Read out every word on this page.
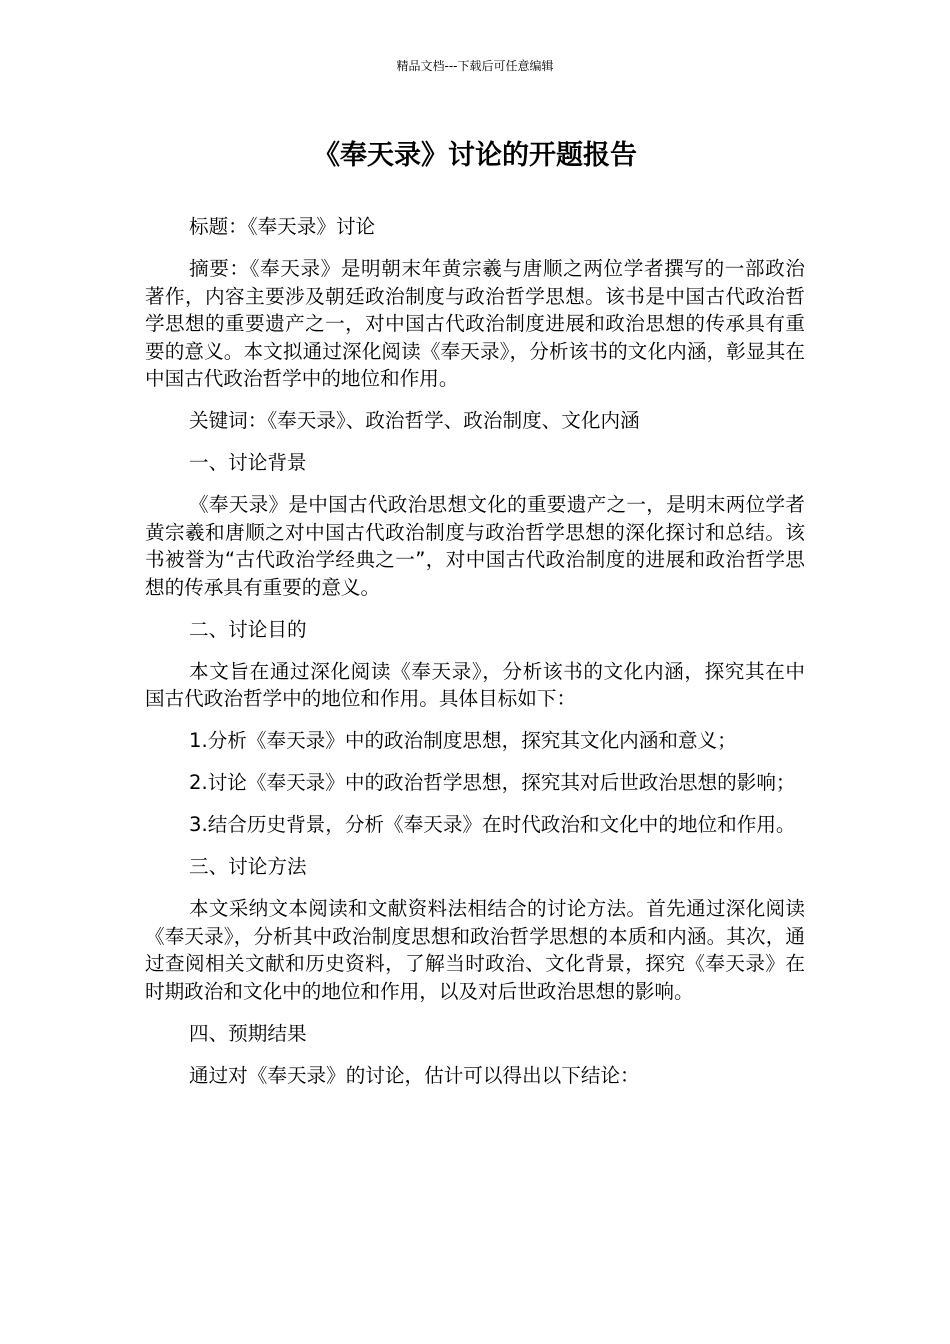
精品文档---下载后可任意编辑
《奉天录》讨论的开题报告

标题：《奉天录》讨论

摘要：《奉天录》是明朝末年黄宗羲与唐顺之两位学者撰写的一部政治著作，内容主要涉及朝廷政治制度与政治哲学思想。该书是中国古代政治哲学思想的重要遗产之一，对中国古代政治制度进展和政治思想的传承具有重要的意义。本文拟通过深化阅读《奉天录》，分析该书的文化内涵，彰显其在中国古代政治哲学中的地位和作用。

关键词：《奉天录》、政治哲学、政治制度、文化内涵

一、讨论背景

《奉天录》是中国古代政治思想文化的重要遗产之一，是明末两位学者黄宗羲和唐顺之对中国古代政治制度与政治哲学思想的深化探讨和总结。该书被誉为“古代政治学经典之一”，对中国古代政治制度的进展和政治哲学思想的传承具有重要的意义。

二、讨论目的

本文旨在通过深化阅读《奉天录》，分析该书的文化内涵，探究其在中国古代政治哲学中的地位和作用。具体目标如下：

1.分析《奉天录》中的政治制度思想，探究其文化内涵和意义；

2.讨论《奉天录》中的政治哲学思想，探究其对后世政治思想的影响；

3.结合历史背景，分析《奉天录》在时代政治和文化中的地位和作用。

三、讨论方法

本文采纳文本阅读和文献资料法相结合的讨论方法。首先通过深化阅读《奉天录》，分析其中政治制度思想和政治哲学思想的本质和内涵。其次，通过查阅相关文献和历史资料，了解当时政治、文化背景，探究《奉天录》在时期政治和文化中的地位和作用，以及对后世政治思想的影响。

四、预期结果

通过对《奉天录》的讨论，估计可以得出以下结论：
